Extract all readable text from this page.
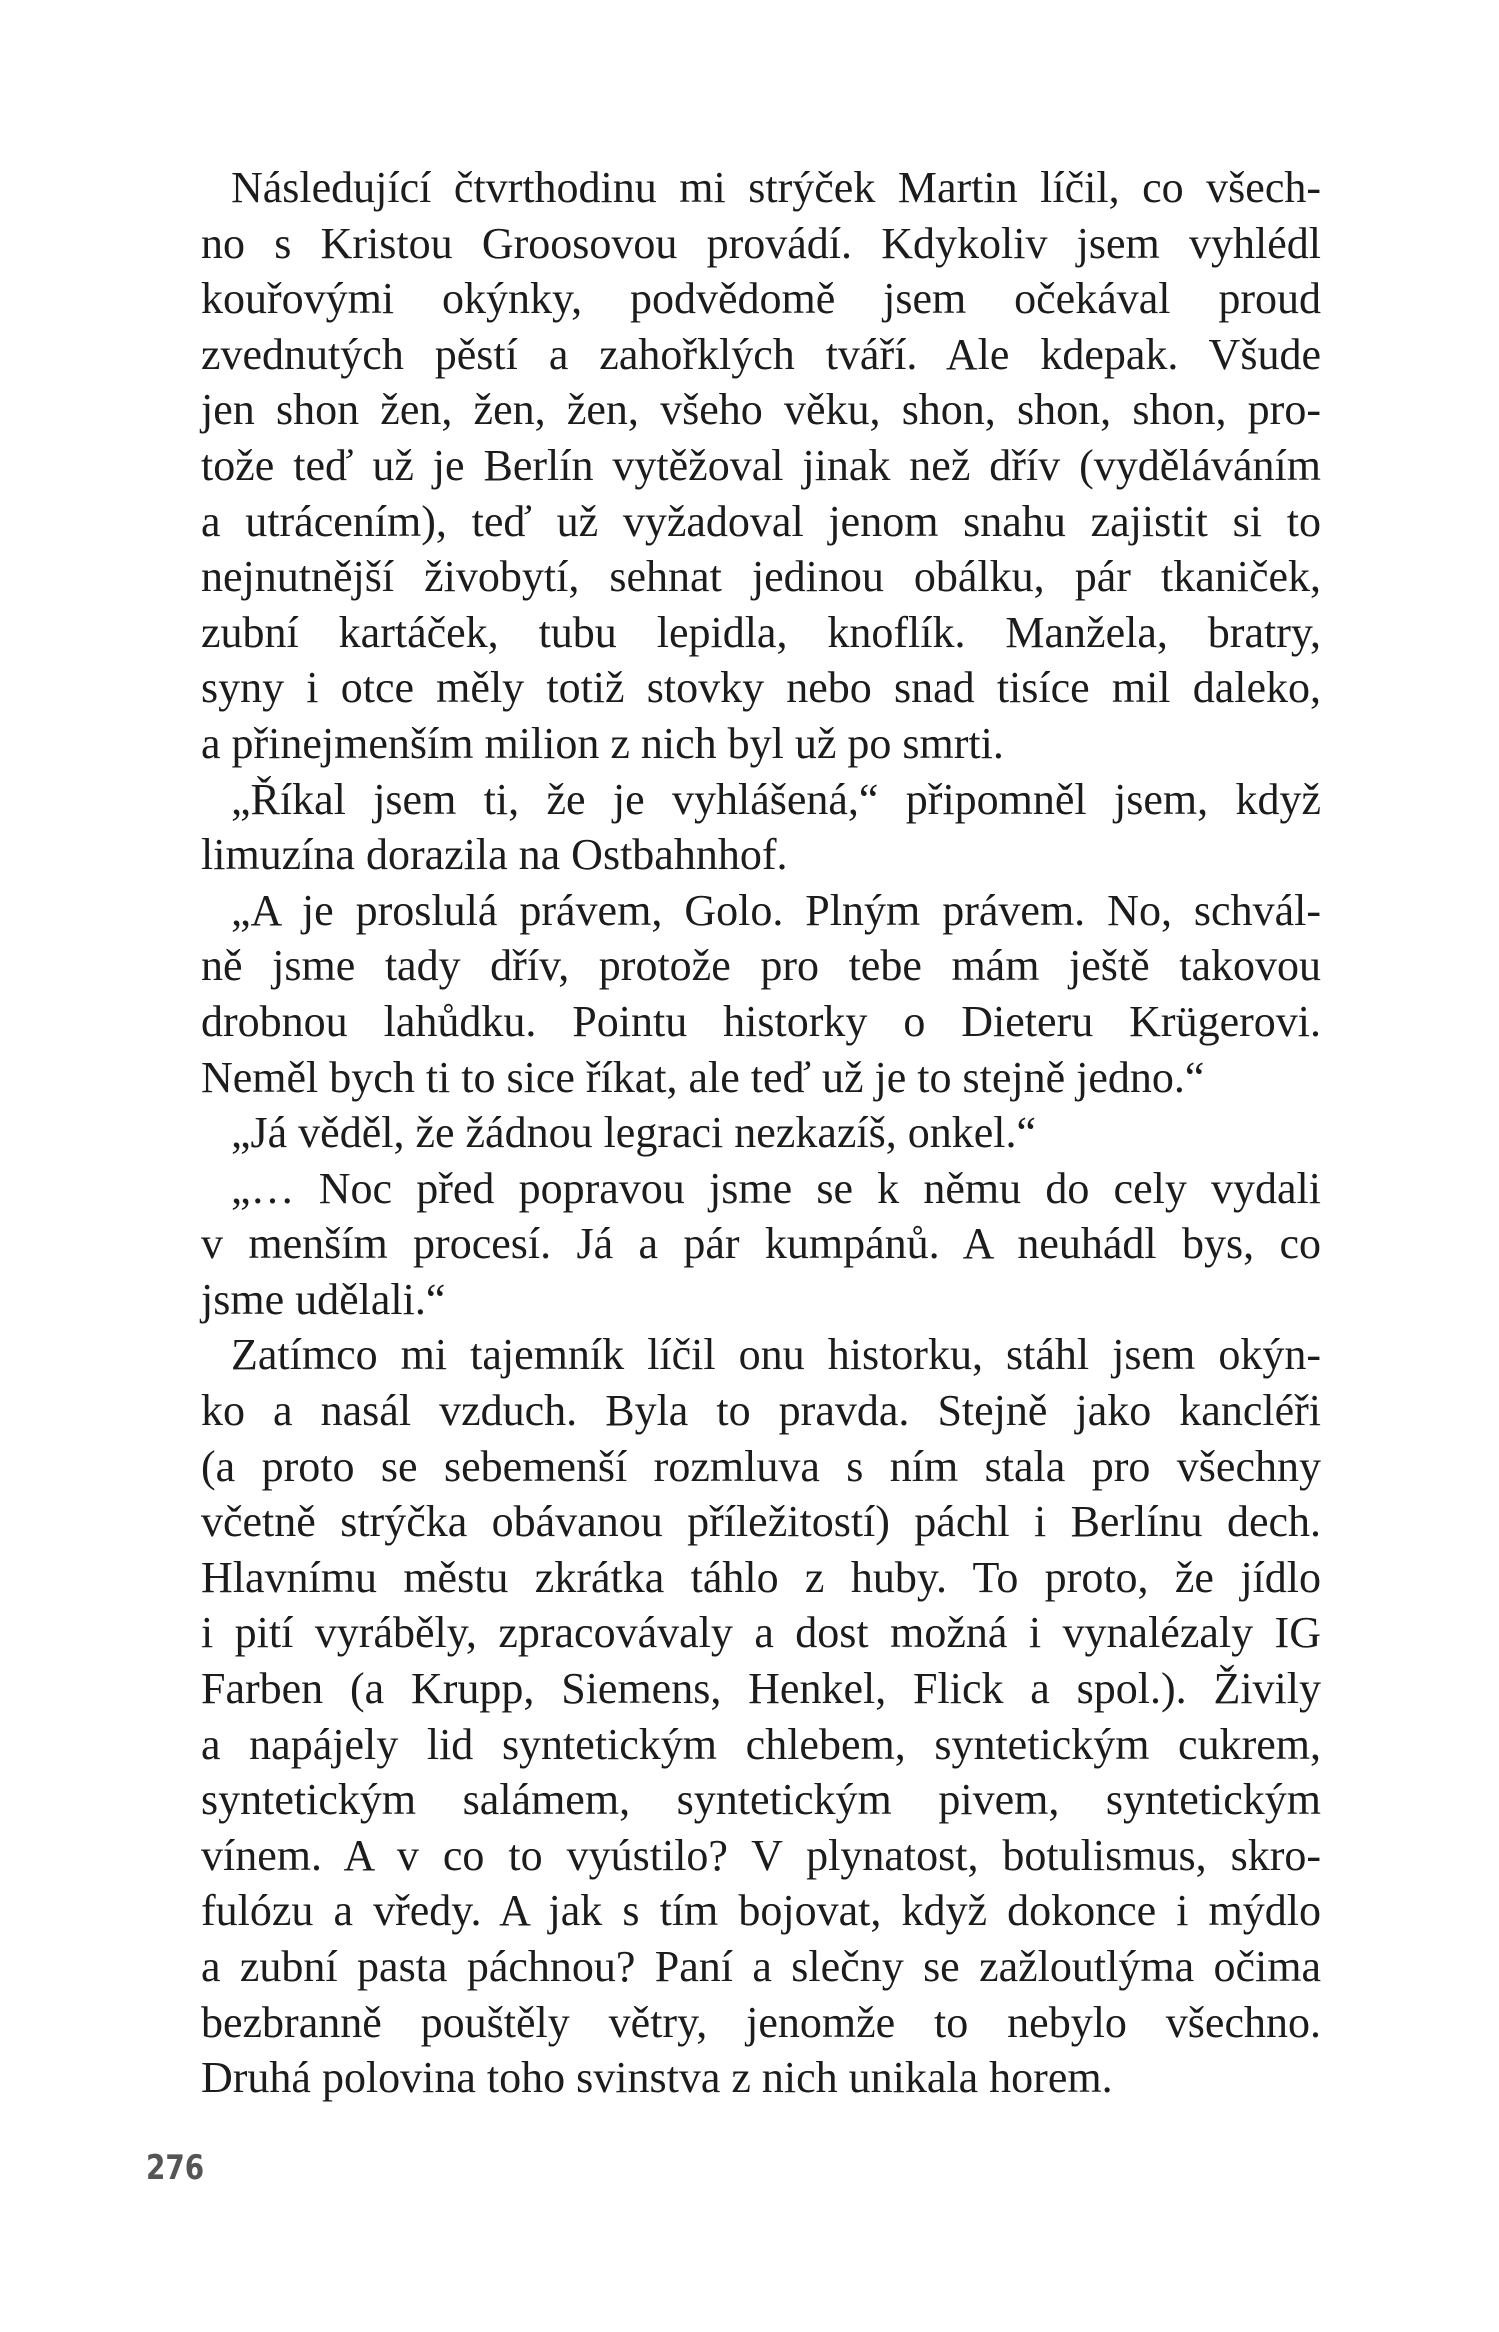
Následující čtvrthodinu mi strýček Martin líčil, co všech-
no s Kristou Groosovou provádí. Kdykoliv jsem vyhlédl
kouřovými okýnky, podvědomě jsem očekával proud
zvednutých pěstí a zahořklých tváří. Ale kdepak. Všude
jen shon žen, žen, žen, všeho věku, shon, shon, shon, pro-
tože teď už je Berlín vytěžoval jinak než dřív (vyděláváním
a utrácením), teď už vyžadoval jenom snahu zajistit si to
nejnutnější živobytí, sehnat jedinou obálku, pár tkaniček,
zubní kartáček, tubu lepidla, knoflík. Manžela, bratry,
syny i otce měly totiž stovky nebo snad tisíce mil daleko,
a přinejmenším milion z nich byl už po smrti.
„Říkal jsem ti, že je vyhlášená,“ připomněl jsem, když
limuzína dorazila na Ostbahnhof.
„A je proslulá právem, Golo. Plným právem. No, schvál-
ně jsme tady dřív, protože pro tebe mám ještě takovou
drobnou lahůdku. Pointu historky o Dieteru Krügerovi.
Neměl bych ti to sice říkat, ale teď už je to stejně jedno.“
„Já věděl, že žádnou legraci nezkazíš, onkel.“
„… Noc před popravou jsme se k němu do cely vydali
v menším procesí. Já a pár kumpánů. A neuhádl bys, co
jsme udělali.“
Zatímco mi tajemník líčil onu historku, stáhl jsem okýn-
ko a nasál vzduch. Byla to pravda. Stejně jako kancléři
(a proto se sebemenší rozmluva s ním stala pro všechny
včetně strýčka obávanou příležitostí) páchl i Berlínu dech.
Hlavnímu městu zkrátka táhlo z huby. To proto, že jídlo
i pití vyráběly, zpracovávaly a dost možná i vynalézaly IG
Farben (a Krupp, Siemens, Henkel, Flick a spol.). Živily
a napájely lid syntetickým chlebem, syntetickým cukrem,
syntetickým salámem, syntetickým pivem, syntetickým
vínem. A v co to vyústilo? V plynatost, botulismus, skro-
fulózu a vředy. A jak s tím bojovat, když dokonce i mýdlo
a zubní pasta páchnou? Paní a slečny se zažloutlýma očima
bezbranně pouštěly větry, jenomže to nebylo všechno.
Druhá polovina toho svinstva z nich unikala horem.
276
